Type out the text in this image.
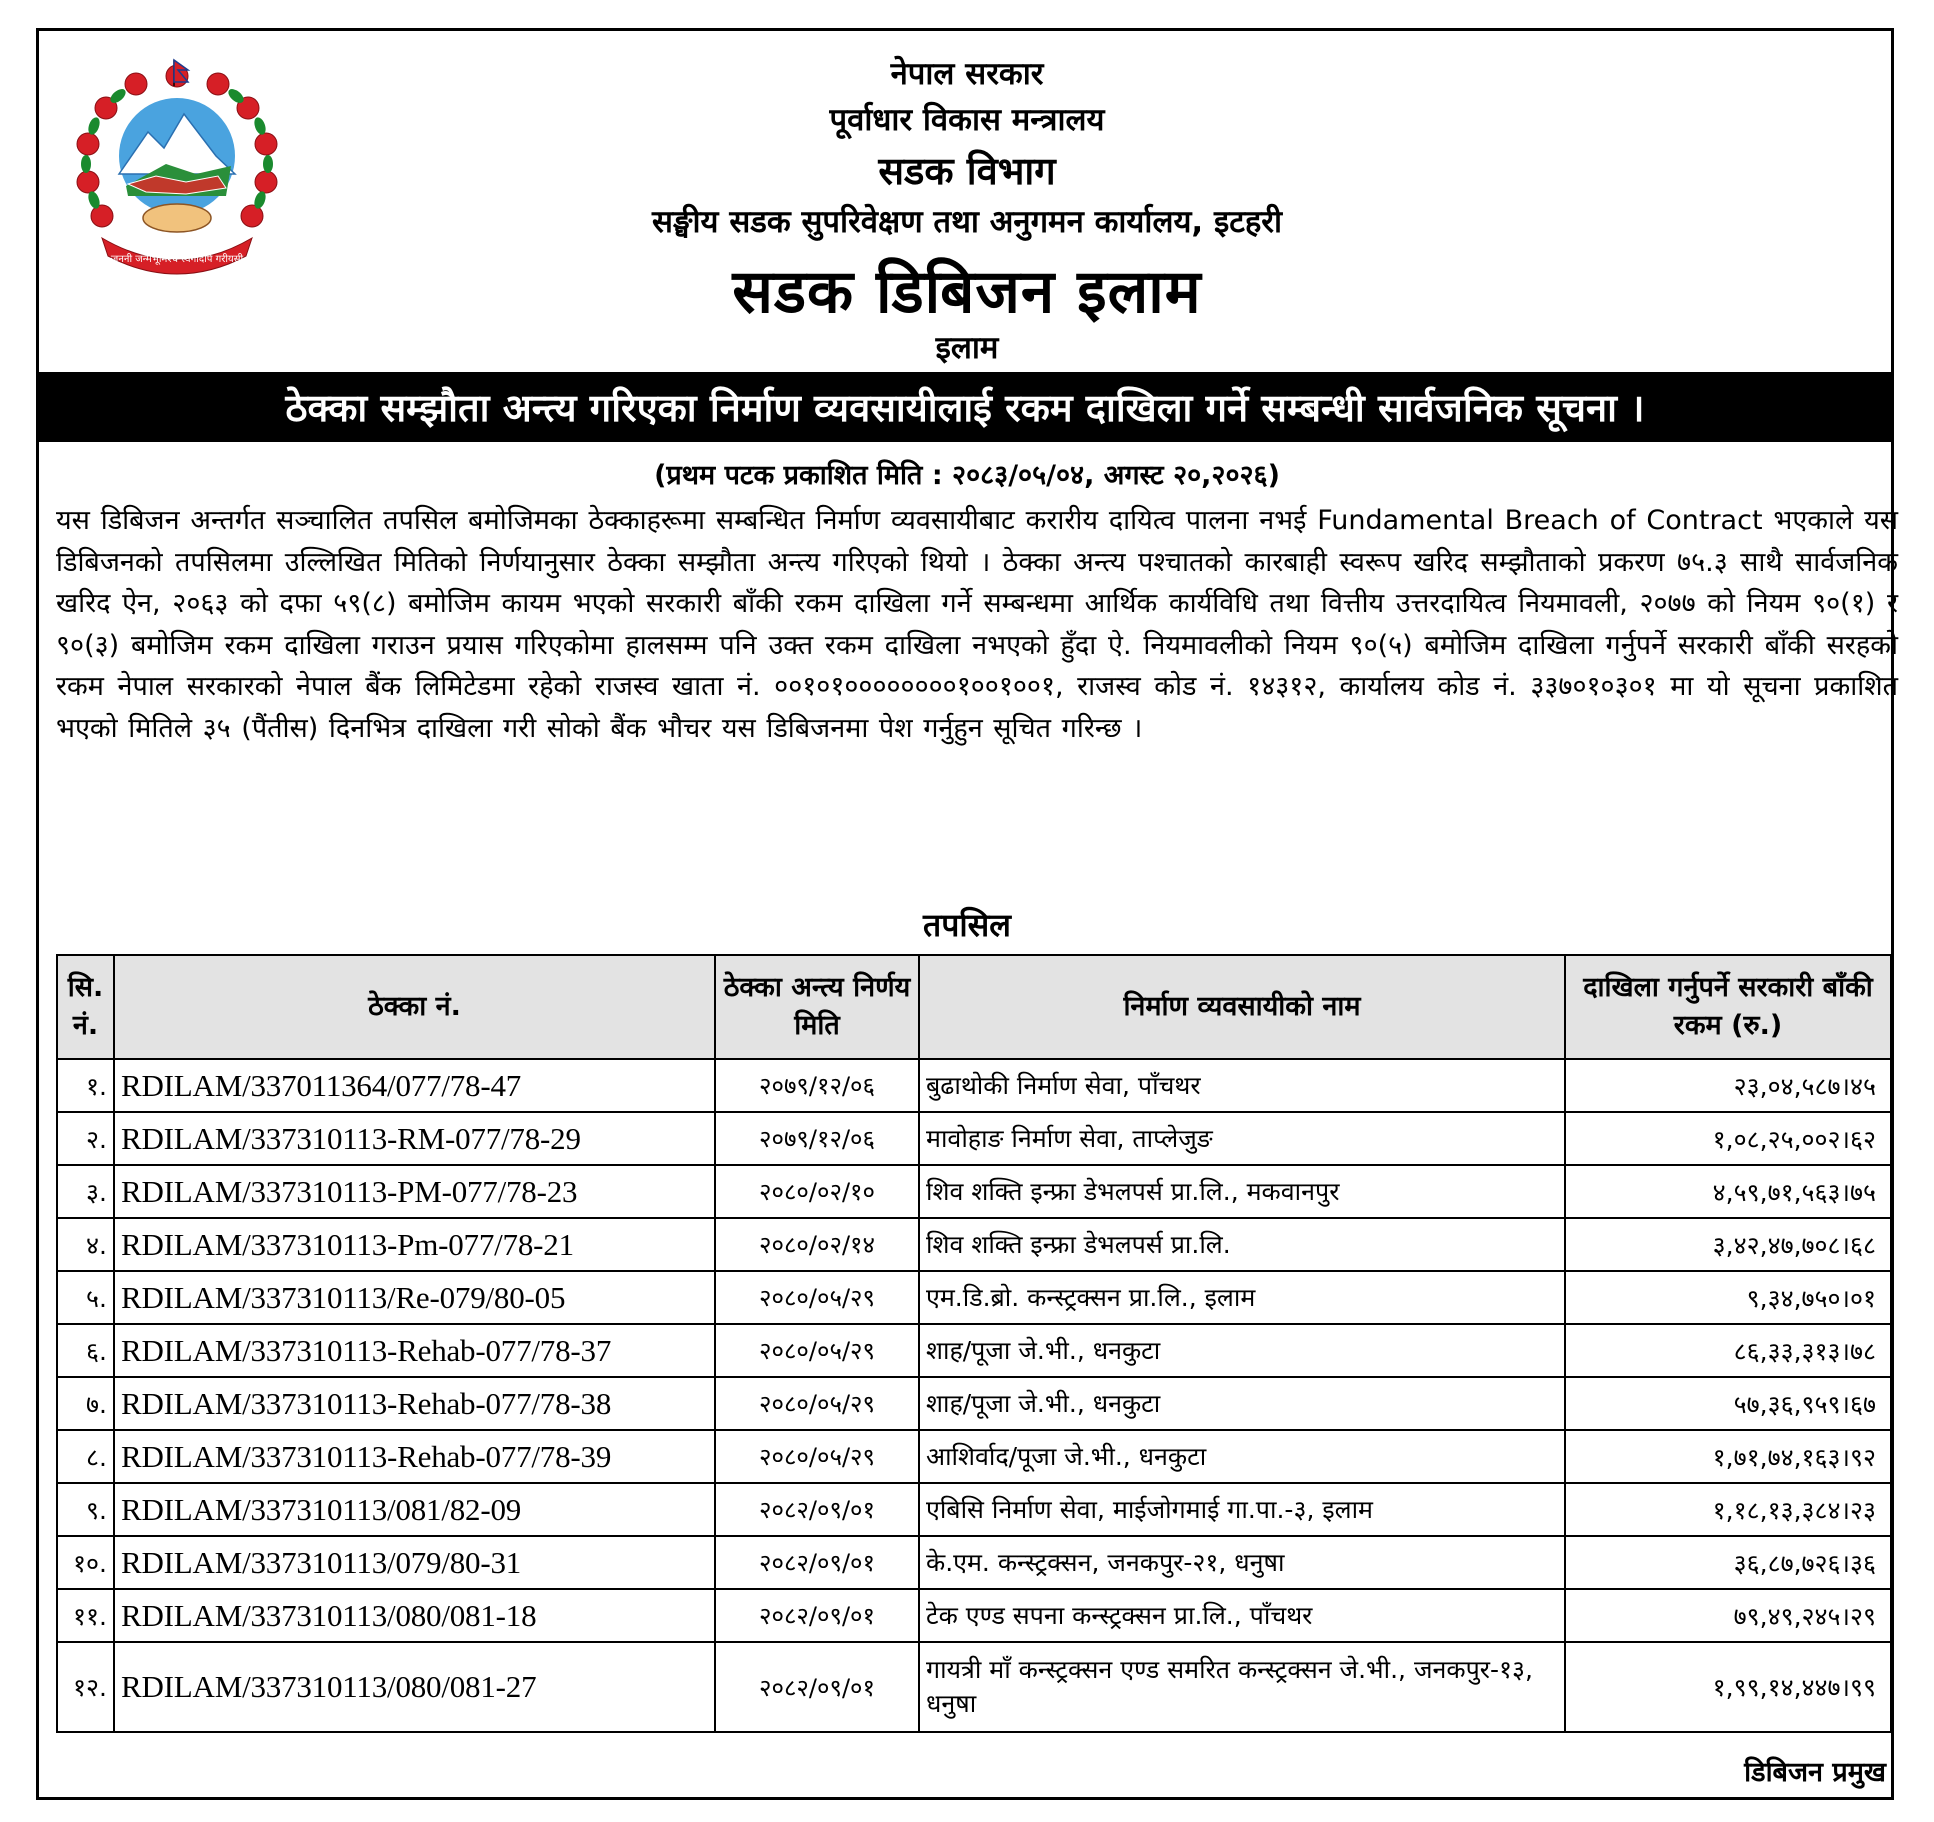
जननी जन्मभूमिश्च स्वर्गादपि गरीयसी
नेपाल सरकार
पूर्वाधार विकास मन्त्रालय
सडक विभाग
सङ्घीय सडक सुपरिवेक्षण तथा अनुगमन कार्यालय, इटहरी
सडक डिबिजन इलाम
इलाम
ठेक्का सम्झौता अन्त्य गरिएका निर्माण व्यवसायीलाई रकम दाखिला गर्ने सम्बन्धी सार्वजनिक सूचना ।
(प्रथम पटक प्रकाशित मिति : २०८३/०५/०४, अगस्ट २०,२०२६)
यस डिबिजन अन्तर्गत सञ्चालित तपसिल बमोजिमका ठेक्काहरूमा सम्बन्धित निर्माण व्यवसायीबाट करारीय दायित्व पालना नभई Fundamental Breach of Contract भएकाले यस डिबिजनको तपसिलमा उल्लिखित मितिको निर्णयानुसार ठेक्का सम्झौता अन्त्य गरिएको थियो । ठेक्का अन्त्य पश्चातको कारबाही स्वरूप खरिद सम्झौताको प्रकरण ७५.३ साथै सार्वजनिक खरिद ऐन, २०६३ को दफा ५९(८) बमोजिम कायम भएको सरकारी बाँकी रकम दाखिला गर्ने सम्बन्धमा आर्थिक कार्यविधि तथा वित्तीय उत्तरदायित्व नियमावली, २०७७ को नियम ९०(१) र ९०(३) बमोजिम रकम दाखिला गराउन प्रयास गरिएकोमा हालसम्म पनि उक्त रकम दाखिला नभएको हुँदा ऐ. नियमावलीको नियम ९०(५) बमोजिम दाखिला गर्नुपर्ने सरकारी बाँकी सरहको रकम नेपाल सरकारको नेपाल बैंक लिमिटेडमा रहेको राजस्व खाता नं. ००१०१००००००००१००१००१, राजस्व कोड नं. १४३१२, कार्यालय कोड नं. ३३७०१०३०१ मा यो सूचना प्रकाशित भएको मितिले ३५ (पैंतीस) दिनभित्र दाखिला गरी सोको बैंक भौचर यस डिबिजनमा पेश गर्नुहुन सूचित गरिन्छ ।
तपसिल
सि. नं.	ठेक्का नं.	ठेक्का अन्त्य निर्णय मिति	निर्माण व्यवसायीको नाम	दाखिला गर्नुपर्ने सरकारी बाँकी रकम (रु.)
१.	RDILAM/337011364/077/78-47	२०७९/१२/०६	बुढाथोकी निर्माण सेवा, पाँचथर	२३,०४,५८७।४५
२.	RDILAM/337310113-RM-077/78-29	२०७९/१२/०६	मावोहाङ निर्माण सेवा, ताप्लेजुङ	१,०८,२५,००२।६२
३.	RDILAM/337310113-PM-077/78-23	२०८०/०२/१०	शिव शक्ति इन्फ्रा डेभलपर्स प्रा.लि., मकवानपुर	४,५९,७१,५६३।७५
४.	RDILAM/337310113-Pm-077/78-21	२०८०/०२/१४	शिव शक्ति इन्फ्रा डेभलपर्स प्रा.लि.	३,४२,४७,७०८।६८
५.	RDILAM/337310113/Re-079/80-05	२०८०/०५/२९	एम.डि.ब्रो. कन्स्ट्रक्सन प्रा.लि., इलाम	९,३४,७५०।०१
६.	RDILAM/337310113-Rehab-077/78-37	२०८०/०५/२९	शाह/पूजा जे.भी., धनकुटा	८६,३३,३१३।७८
७.	RDILAM/337310113-Rehab-077/78-38	२०८०/०५/२९	शाह/पूजा जे.भी., धनकुटा	५७,३६,९५९।६७
८.	RDILAM/337310113-Rehab-077/78-39	२०८०/०५/२९	आशिर्वाद/पूजा जे.भी., धनकुटा	१,७१,७४,१६३।९२
९.	RDILAM/337310113/081/82-09	२०८२/०९/०१	एबिसि निर्माण सेवा, माईजोगमाई गा.पा.-३, इलाम	१,१८,१३,३८४।२३
१०.	RDILAM/337310113/079/80-31	२०८२/०९/०१	के.एम. कन्स्ट्रक्सन, जनकपुर-२१, धनुषा	३६,८७,७२६।३६
११.	RDILAM/337310113/080/081-18	२०८२/०९/०१	टेक एण्ड सपना कन्स्ट्रक्सन प्रा.लि., पाँचथर	७९,४९,२४५।२९
१२.	RDILAM/337310113/080/081-27	२०८२/०९/०१	गायत्री माँ कन्स्ट्रक्सन एण्ड समरित कन्स्ट्रक्सन जे.भी., जनकपुर-१३, धनुषा	१,९९,१४,४४७।९९
डिबिजन प्रमुख
